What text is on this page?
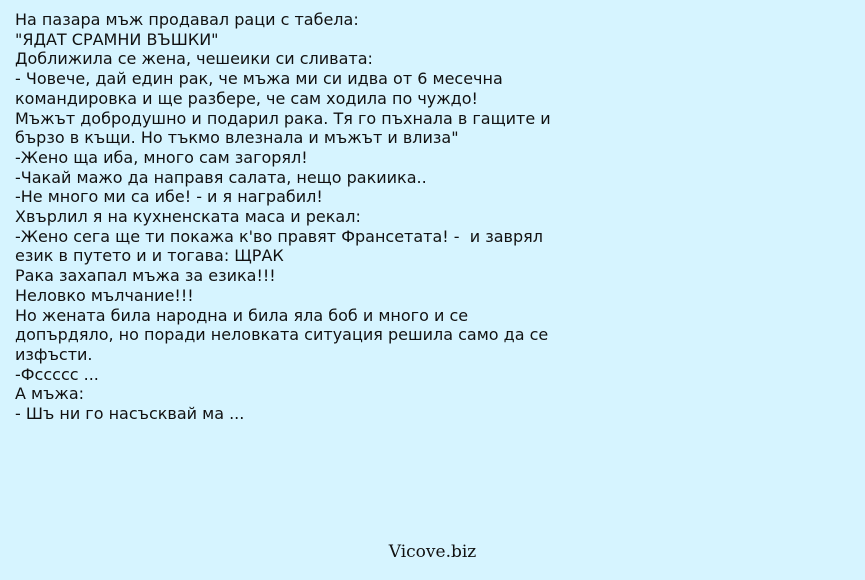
На пазара мъж продавал раци с табела:
"ЯДАТ СРАМНИ ВЪШКИ"
Доближила се жена, чешеики си сливата:
- Човече, дай един рак, че мъжа ми си идва от 6 месечна
командировка и ще разбере, че сам ходила по чуждо!
Мъжът добродушно и подарил рака. Тя го пъхнала в гащите и
бързо в къщи. Но тъкмо влезнала и мъжът и влиза"
-Жено ща иба, много сам загорял!
-Чакай мажо да направя салата, нещо ракиика..
-Не много ми са ибе! - и я награбил!
Хвърлил я на кухненската маса и рекал:
-Жено сега ще ти покажа к'во правят Франсетата! -  и заврял
език в путето и и тогава: ЩРАК
Рака захапал мъжа за езика!!!
Неловко мълчание!!!
Но жената била народна и била яла боб и много и се
допърдяло, но поради неловката ситуация решила само да се
изфъсти.
-Фссссс ...
А мъжа:
- Шъ ни го насъсквай ма ...
Vicove.biz
